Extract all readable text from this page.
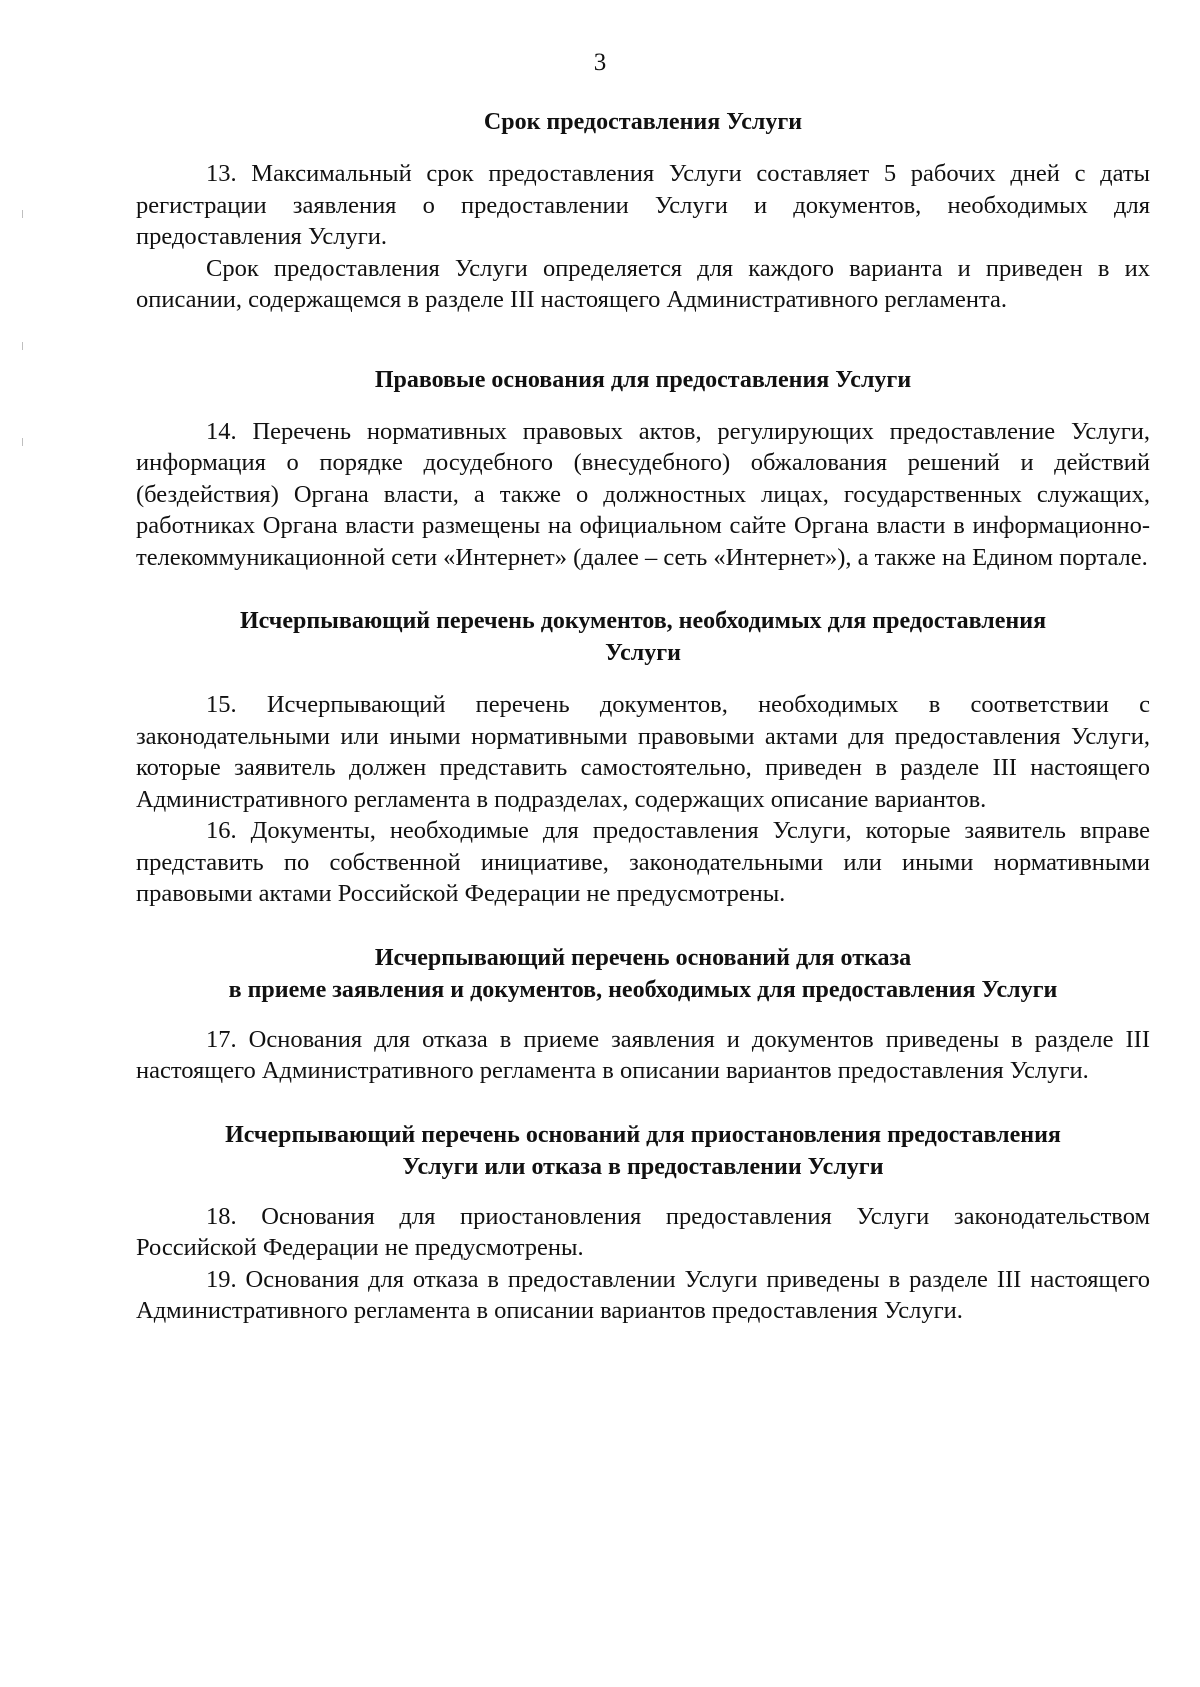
3

Срок предоставления Услуги

13. Максимальный срок предоставления Услуги составляет 5 рабочих дней с даты регистрации заявления о предоставлении Услуги и документов, необходимых для предоставления Услуги.

Срок предоставления Услуги определяется для каждого варианта и приведен в их описании, содержащемся в разделе III настоящего Административного регламента.

Правовые основания для предоставления Услуги

14. Перечень нормативных правовых актов, регулирующих предоставление Услуги, информация о порядке досудебного (внесудебного) обжалования решений и действий (бездействия) Органа власти, а также о должностных лицах, государственных служащих, работниках Органа власти размещены на официальном сайте Органа власти в информационно-телекоммуникационной сети «Интернет» (далее – сеть «Интернет»), а также на Едином портале.

Исчерпывающий перечень документов, необходимых для предоставления
Услуги

15. Исчерпывающий перечень документов, необходимых в соответствии с законодательными или иными нормативными правовыми актами для предоставления Услуги, которые заявитель должен представить самостоятельно, приведен в разделе III настоящего Административного регламента в подразделах, содержащих описание вариантов.

16. Документы, необходимые для предоставления Услуги, которые заявитель вправе представить по собственной инициативе, законодательными или иными нормативными правовыми актами Российской Федерации не предусмотрены.

Исчерпывающий перечень оснований для отказа
в приеме заявления и документов, необходимых для предоставления Услуги

17. Основания для отказа в приеме заявления и документов приведены в разделе III настоящего Административного регламента в описании вариантов предоставления Услуги.

Исчерпывающий перечень оснований для приостановления предоставления
Услуги или отказа в предоставлении Услуги

18. Основания для приостановления предоставления Услуги законодательством Российской Федерации не предусмотрены.

19. Основания для отказа в предоставлении Услуги приведены в разделе III настоящего Административного регламента в описании вариантов предоставления Услуги.
